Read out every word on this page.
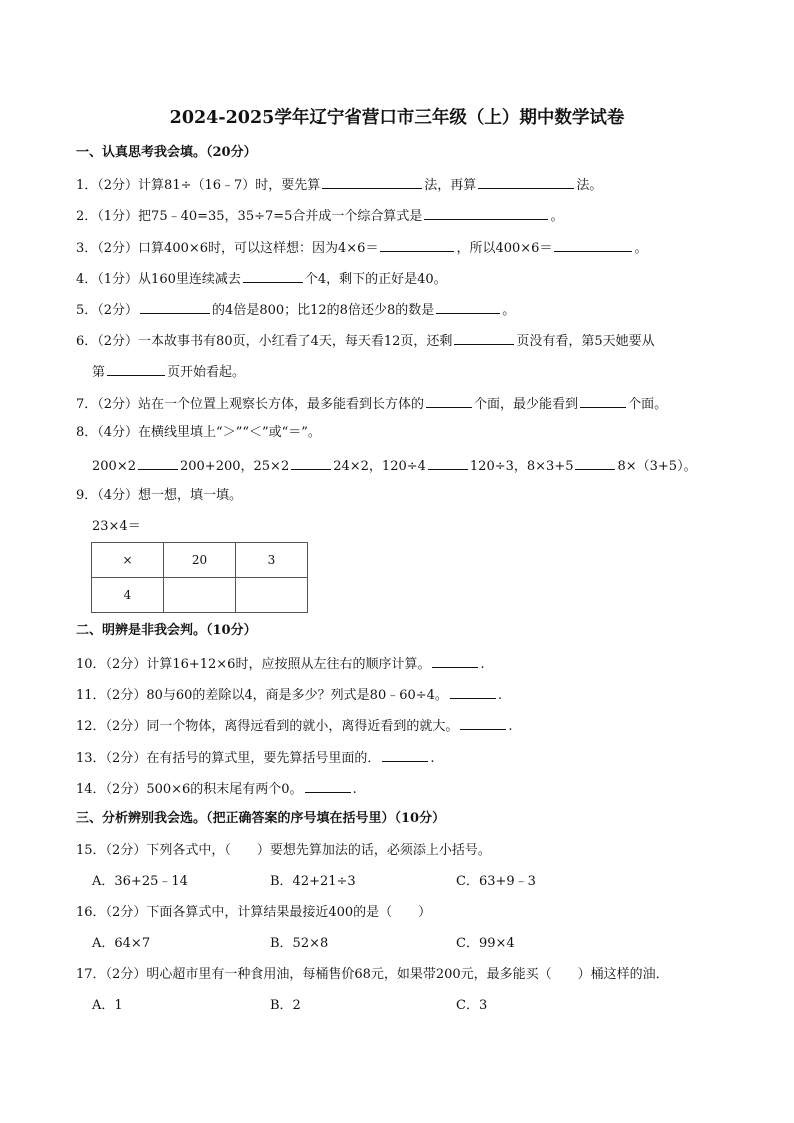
2024-2025学年辽宁省营口市三年级（上）期中数学试卷
一、认真思考我会填。（20分）
1．（2分）计算81÷（16﹣7）时，要先算	法，再算	法。
2．（1分）把75﹣40=35，35÷7=5合并成一个综合算式是	。
3．（2分）口算400×6时，可以这样想：因为4×6＝	，所以400×6＝	。
4．（1分）从160里连续减去	个4，剩下的正好是40。
5．（2分）	的4倍是800；比12的8倍还少8的数是	。
6．（2分）一本故事书有80页，小红看了4天，每天看12页，还剩	页没有看，第5天她要从
第	页开始看起。
7．（2分）站在一个位置上观察长方体，最多能看到长方体的	个面，最少能看到	个面。
8．（4分）在横线里填上“＞”“＜”或“＝”。
200×2	200+200，25×2	24×2，120÷4	120÷3，8×3+5	8×（3+5）。
9．（4分）想一想，填一填。
23×4＝
×	20	3
4		
二、明辨是非我会判。（10分）
10．（2分）计算16+12×6时，应按照从左往右的顺序计算。	.
11．（2分）80与60的差除以4，商是多少？列式是80﹣60÷4。	.
12．（2分）同一个物体，离得远看到的就小，离得近看到的就大。	.
13．（2分）在有括号的算式里，要先算括号里面的．	.
14．（2分）500×6的积末尾有两个0。	.
三、分析辨别我会选。（把正确答案的序号填在括号里）（10分）
15．（2分）下列各式中，（　　）要想先算加法的话，必须添上小括号。
A．36+25﹣14	B．42+21÷3	C．63+9﹣3
16．（2分）下面各算式中，计算结果最接近400的是（　　）
A．64×7	B．52×8	C．99×4
17．（2分）明心超市里有一种食用油，每桶售价68元，如果带200元，最多能买（　　）桶这样的油．
A．1	B．2	C．3
